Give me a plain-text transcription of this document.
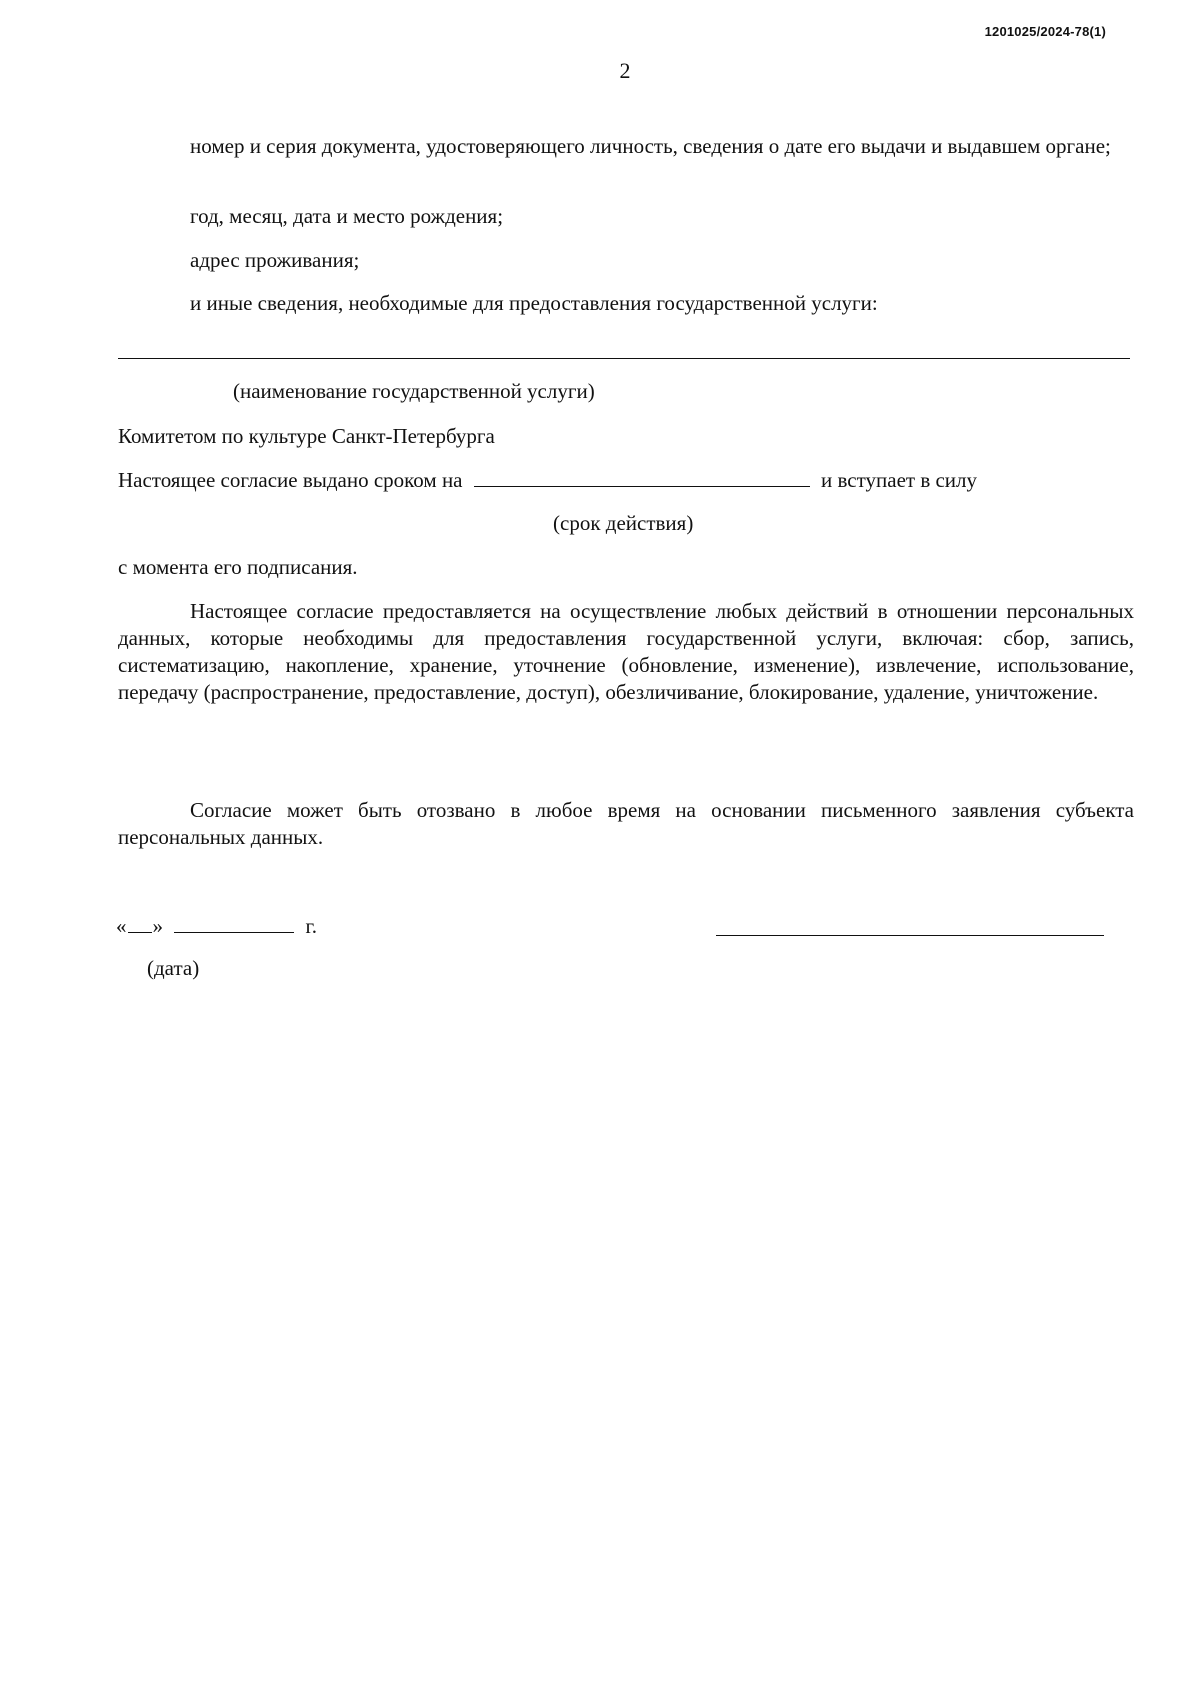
1201025/2024-78(1)
2
номер и серия документа, удостоверяющего личность, сведения о дате его выдачи и выдавшем органе;
год, месяц, дата и место рождения;
адрес проживания;
и иные сведения, необходимые для предоставления государственной услуги:
(наименование государственной услуги)
Комитетом по культуре Санкт-Петербурга
Настоящее согласие выдано сроком на	и вступает в силу
(срок действия)
с момента его подписания.
Настоящее согласие предоставляется на осуществление любых действий в отношении персональных данных, которые необходимы для предоставления государственной услуги, включая: сбор, запись, систематизацию, накопление, хранение, уточнение (обновление, изменение), извлечение, использование, передачу (распространение, предоставление, доступ), обезличивание, блокирование, удаление, уничтожение.
Согласие может быть отозвано в любое время на основании письменного заявления субъекта персональных данных.
« »	г.
(дата)
